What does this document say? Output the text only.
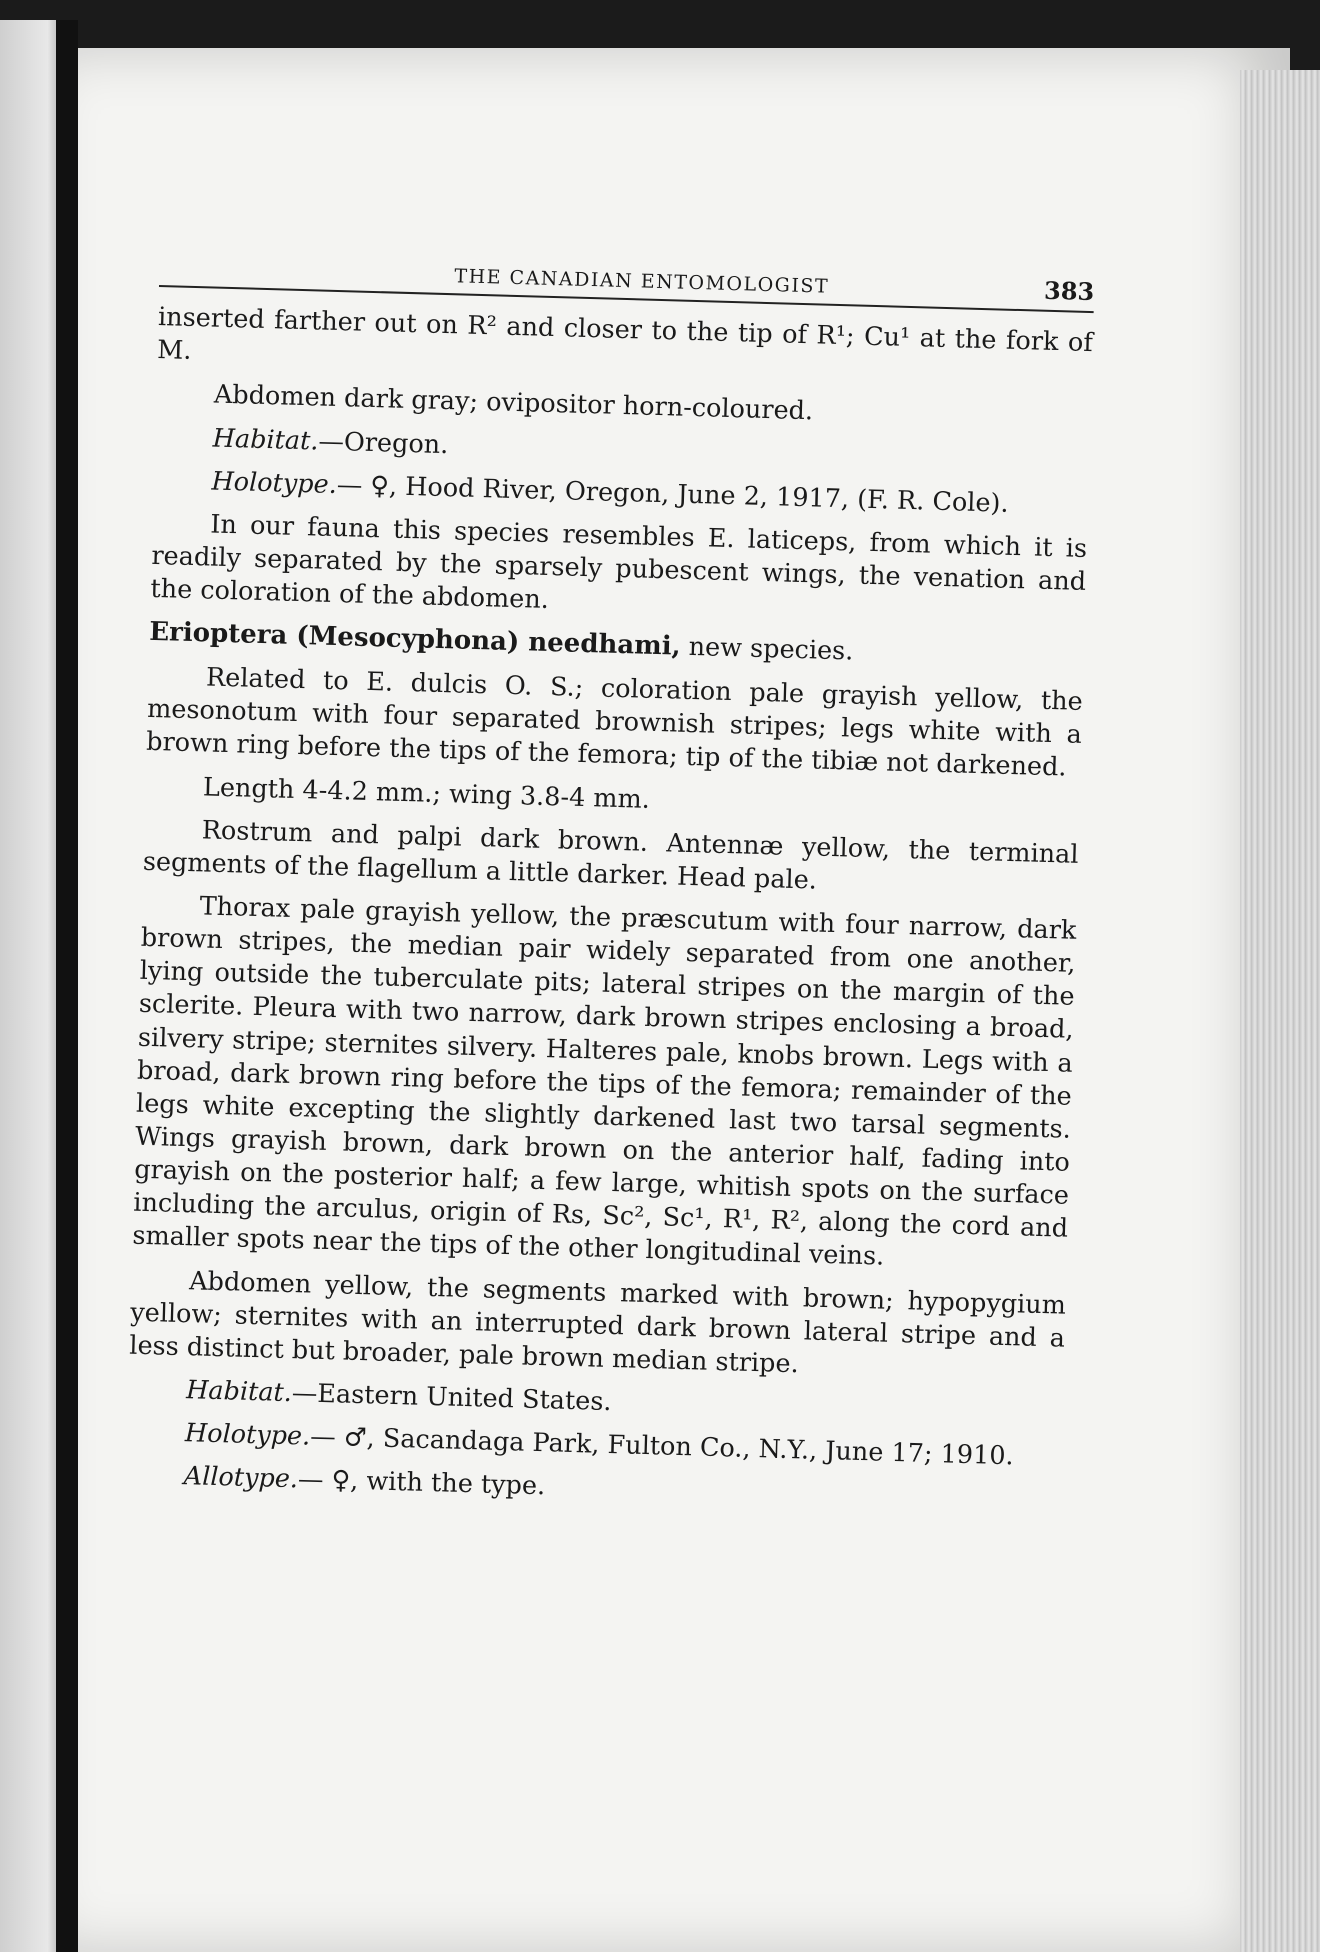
THE CANADIAN ENTOMOLOGIST	383

inserted farther out on R² and closer to the tip of R¹; Cu¹ at the fork of M.

Abdomen dark gray; ovipositor horn-coloured.

Habitat.—Oregon.

Holotype.— ♀, Hood River, Oregon, June 2, 1917, (F. R. Cole).

In our fauna this species resembles E. laticeps, from which it is readily separated by the sparsely pubescent wings, the venation and the coloration of the abdomen.

Erioptera (Mesocyphona) needhami, new species.

Related to E. dulcis O. S.; coloration pale grayish yellow, the mesonotum with four separated brownish stripes; legs white with a brown ring before the tips of the femora; tip of the tibiæ not darkened.

Length 4-4.2 mm.; wing 3.8-4 mm.

Rostrum and palpi dark brown. Antennæ yellow, the terminal segments of the flagellum a little darker. Head pale.

Thorax pale grayish yellow, the præscutum with four narrow, dark brown stripes, the median pair widely separated from one another, lying outside the tuberculate pits; lateral stripes on the margin of the sclerite. Pleura with two narrow, dark brown stripes enclosing a broad, silvery stripe; sternites silvery. Halteres pale, knobs brown. Legs with a broad, dark brown ring before the tips of the femora; remainder of the legs white excepting the slightly darkened last two tarsal segments. Wings grayish brown, dark brown on the anterior half, fading into grayish on the posterior half; a few large, whitish spots on the surface including the arculus, origin of Rs, Sc², Sc¹, R¹, R², along the cord and smaller spots near the tips of the other longitudinal veins.

Abdomen yellow, the segments marked with brown; hypopygium yellow; sternites with an interrupted dark brown lateral stripe and a less distinct but broader, pale brown median stripe.

Habitat.—Eastern United States.

Holotype.— ♂, Sacandaga Park, Fulton Co., N.Y., June 17; 1910.

Allotype.— ♀, with the type.
